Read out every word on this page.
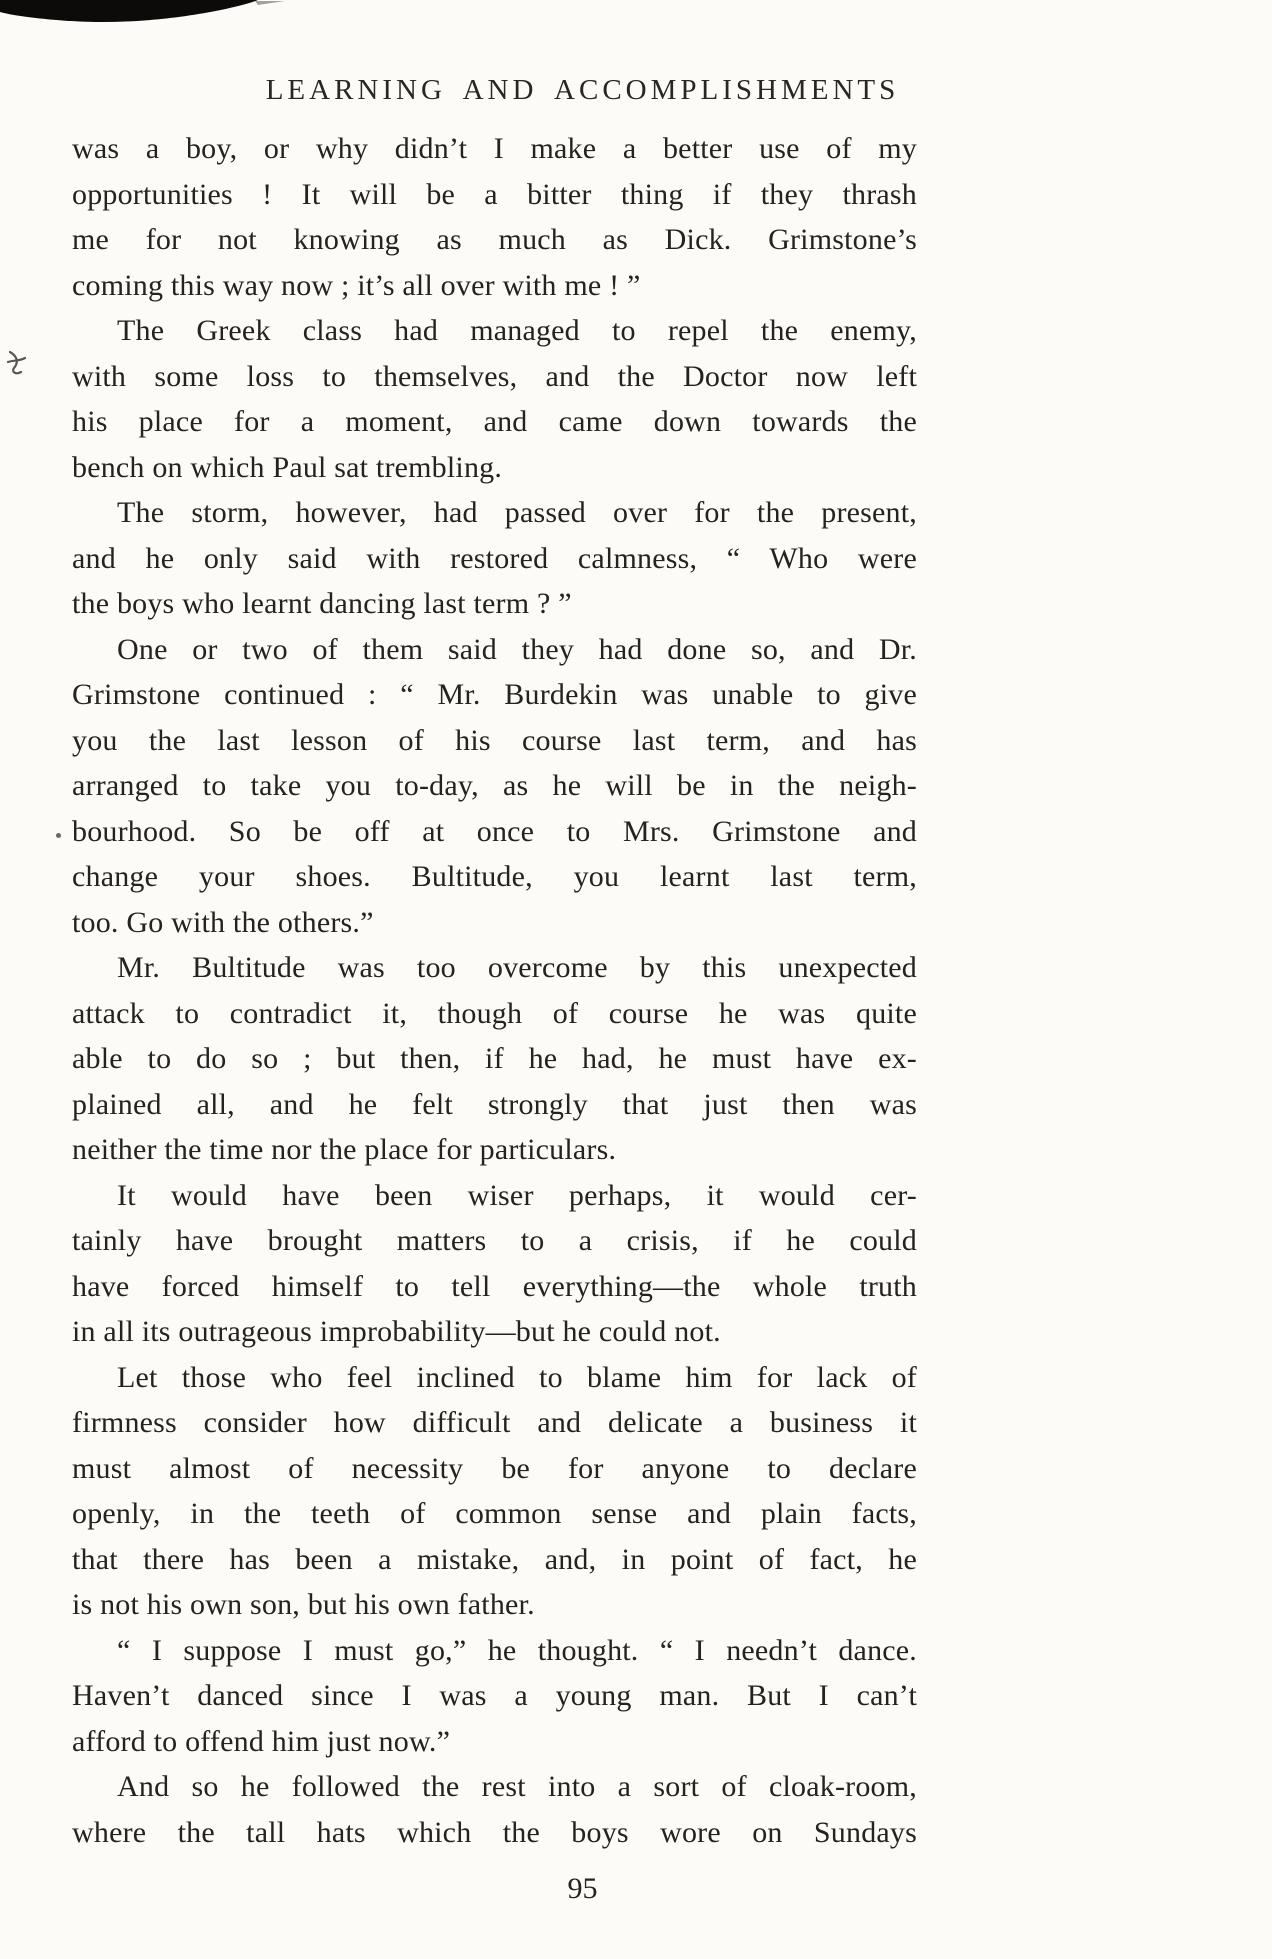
LEARNING AND ACCOMPLISHMENTS
was a boy, or why didn’t I make a better use of my
opportunities ! It will be a bitter thing if they thrash
me for not knowing as much as Dick. Grimstone’s
coming this way now ; it’s all over with me ! ”
The Greek class had managed to repel the enemy,
with some loss to themselves, and the Doctor now left
his place for a moment, and came down towards the
bench on which Paul sat trembling.
The storm, however, had passed over for the present,
and he only said with restored calmness, “ Who were
the boys who learnt dancing last term ? ”
One or two of them said they had done so, and Dr.
Grimstone continued : “ Mr. Burdekin was unable to give
you the last lesson of his course last term, and has
arranged to take you to-day, as he will be in the neigh-
bourhood. So be off at once to Mrs. Grimstone and
change your shoes. Bultitude, you learnt last term,
too. Go with the others.”
Mr. Bultitude was too overcome by this unexpected
attack to contradict it, though of course he was quite
able to do so ; but then, if he had, he must have ex-
plained all, and he felt strongly that just then was
neither the time nor the place for particulars.
It would have been wiser perhaps, it would cer-
tainly have brought matters to a crisis, if he could
have forced himself to tell everything—the whole truth
in all its outrageous improbability—but he could not.
Let those who feel inclined to blame him for lack of
firmness consider how difficult and delicate a business it
must almost of necessity be for anyone to declare
openly, in the teeth of common sense and plain facts,
that there has been a mistake, and, in point of fact, he
is not his own son, but his own father.
“ I suppose I must go,” he thought. “ I needn’t dance.
Haven’t danced since I was a young man. But I can’t
afford to offend him just now.”
And so he followed the rest into a sort of cloak-room,
where the tall hats which the boys wore on Sundays
95
